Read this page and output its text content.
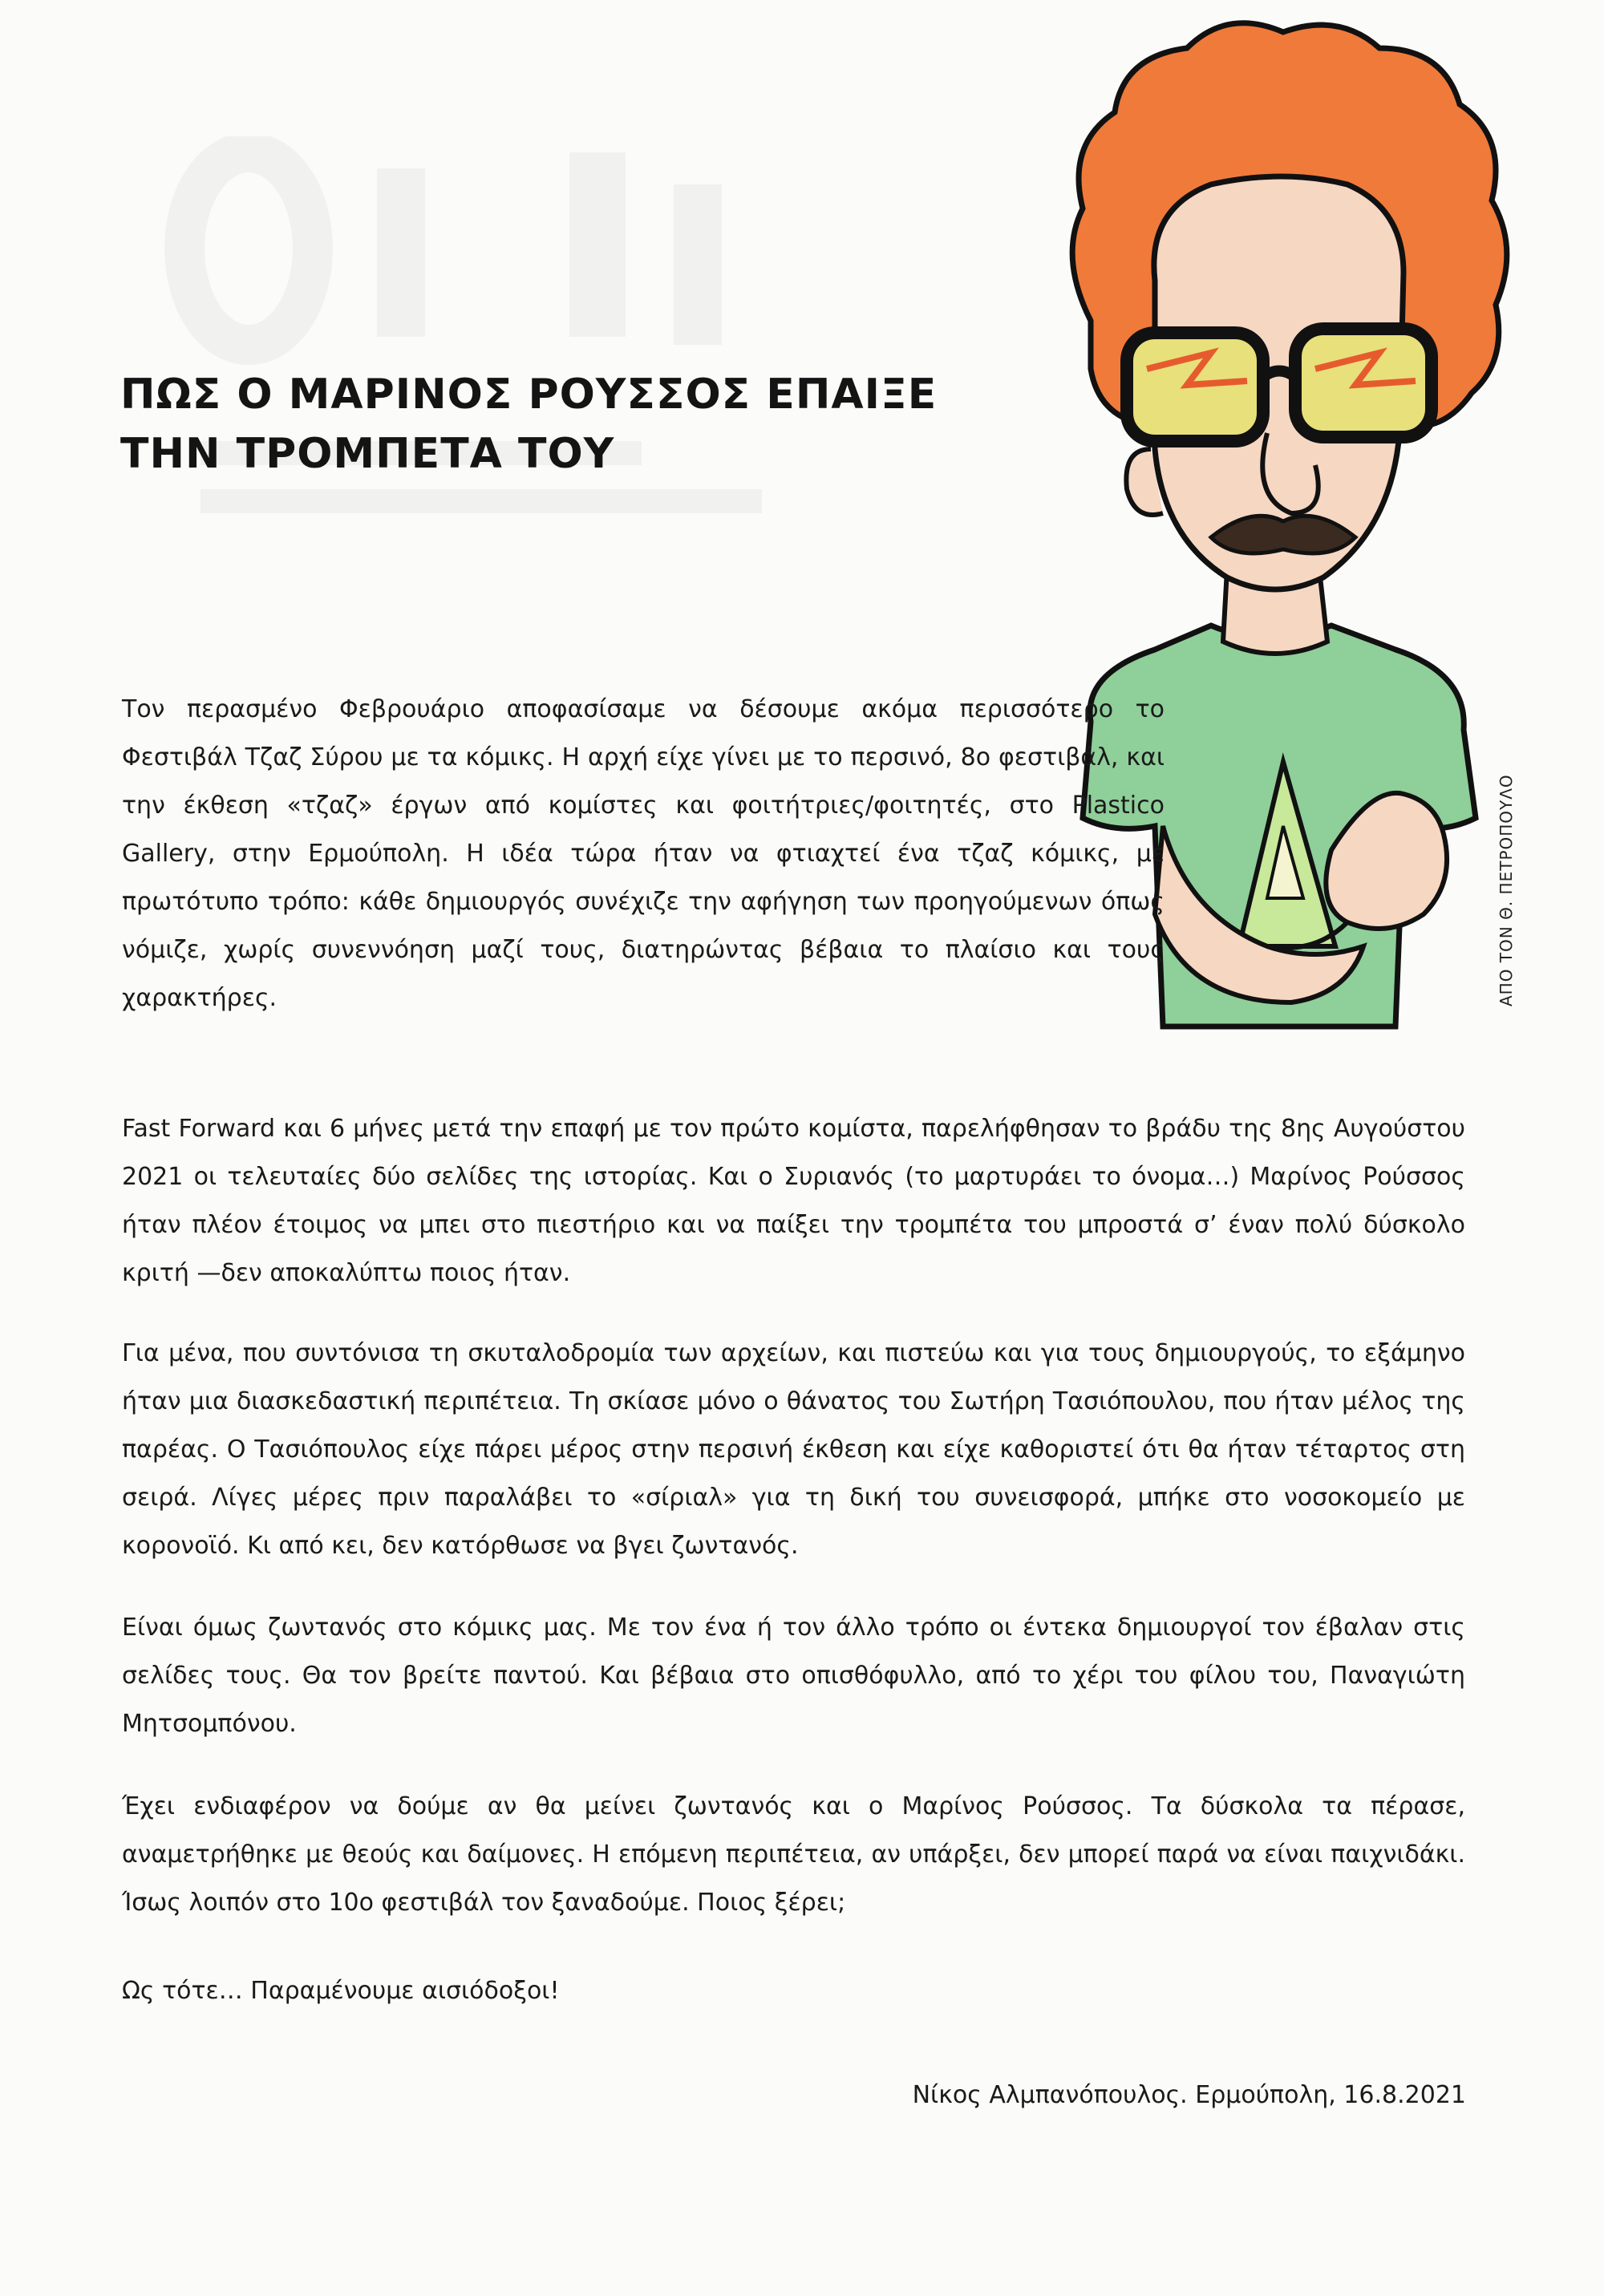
ΠΩΣ Ο ΜΑΡΙΝΟΣ ΡΟΥΣΣΟΣ ΕΠΑΙΞΕ
ΤΗΝ ΤΡΟΜΠΕΤΑ ΤΟΥ
ΑΠΟ ΤΟΝ Θ. ΠΕΤΡΟΠΟΥΛΟ

Τον περασμένο Φεβρουάριο αποφασίσαμε να δέσουμε ακόμα περισσότερο το Φεστιβάλ Τζαζ Σύρου με τα κόμικς. Η αρχή είχε γίνει με το περσινό, 8ο φεστιβάλ, και την έκθεση «τζαζ» έργων από κομίστες και φοιτήτριες/φοιτητές, στο Plastico Gallery, στην Ερμούπολη. Η ιδέα τώρα ήταν να φτιαχτεί ένα τζαζ κόμικς, με πρωτότυπο τρόπο: κάθε δημιουργός συνέχιζε την αφήγηση των προηγούμενων όπως νόμιζε, χωρίς συνεννόηση μαζί τους, διατηρώντας βέβαια το πλαίσιο και τους χαρακτήρες.

Fast Forward και 6 μήνες μετά την επαφή με τον πρώτο κομίστα, παρελήφθησαν το βράδυ της 8ης Αυγούστου 2021 οι τελευταίες δύο σελίδες της ιστορίας. Και ο Συριανός (το μαρτυράει το όνομα…) Μαρίνος Ρούσσος ήταν πλέον έτοιμος να μπει στο πιεστήριο και να παίξει την τρομπέτα του μπροστά σ’ έναν πολύ δύσκολο κριτή —δεν αποκαλύπτω ποιος ήταν.

Για μένα, που συντόνισα τη σκυταλοδρομία των αρχείων, και πιστεύω και για τους δημιουργούς, το εξάμηνο ήταν μια διασκεδαστική περιπέτεια. Τη σκίασε μόνο ο θάνατος του Σωτήρη Τασιόπουλου, που ήταν μέλος της παρέας. Ο Τασιόπουλος είχε πάρει μέρος στην περσινή έκθεση και είχε καθοριστεί ότι θα ήταν τέταρτος στη σειρά. Λίγες μέρες πριν παραλάβει το «σίριαλ» για τη δική του συνεισφορά, μπήκε στο νοσοκομείο με κορονοϊό. Κι από κει, δεν κατόρθωσε να βγει ζωντανός.

Είναι όμως ζωντανός στο κόμικς μας. Με τον ένα ή τον άλλο τρόπο οι έντεκα δημιουργοί τον έβαλαν στις σελίδες τους. Θα τον βρείτε παντού. Και βέβαια στο οπισθόφυλλο, από το χέρι του φίλου του, Παναγιώτη Μητσομπόνου.

Έχει ενδιαφέρον να δούμε αν θα μείνει ζωντανός και ο Μαρίνος Ρούσσος. Τα δύσκολα τα πέρασε, αναμετρήθηκε με θεούς και δαίμονες. Η επόμενη περιπέτεια, αν υπάρξει, δεν μπορεί παρά να είναι παιχνιδάκι. Ίσως λοιπόν στο 10ο φεστιβάλ τον ξαναδούμε. Ποιος ξέρει;

Ως τότε… Παραμένουμε αισιόδοξοι!

Νίκος Αλμπανόπουλος. Ερμούπολη, 16.8.2021
